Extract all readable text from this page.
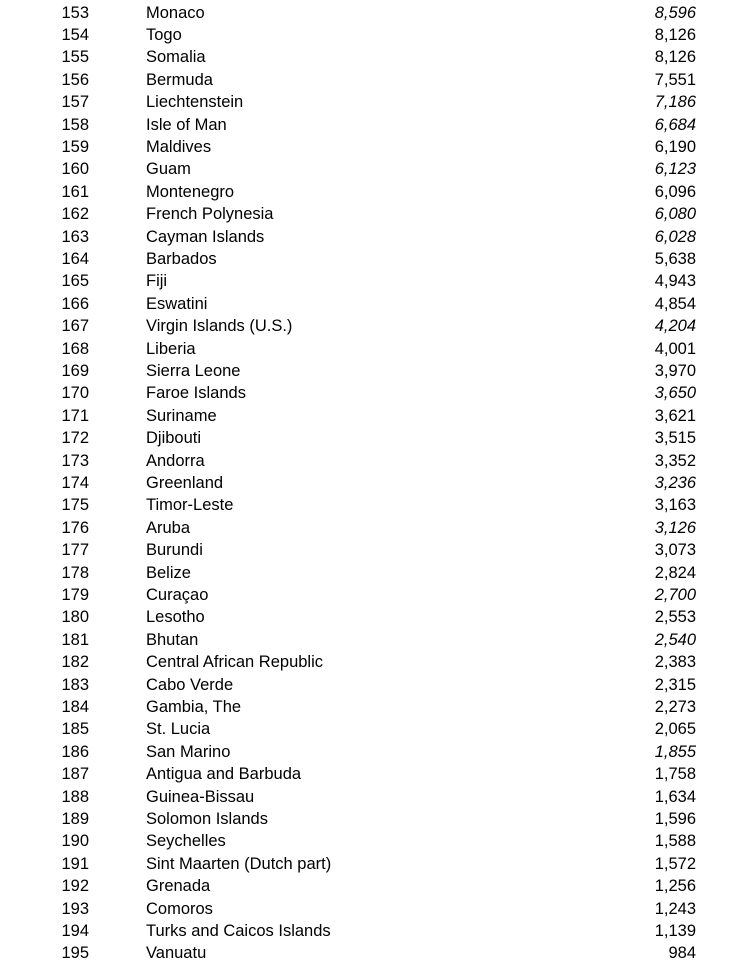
153	Monaco	8,596
154	Togo	8,126
155	Somalia	8,126
156	Bermuda	7,551
157	Liechtenstein	7,186
158	Isle of Man	6,684
159	Maldives	6,190
160	Guam	6,123
161	Montenegro	6,096
162	French Polynesia	6,080
163	Cayman Islands	6,028
164	Barbados	5,638
165	Fiji	4,943
166	Eswatini	4,854
167	Virgin Islands (U.S.)	4,204
168	Liberia	4,001
169	Sierra Leone	3,970
170	Faroe Islands	3,650
171	Suriname	3,621
172	Djibouti	3,515
173	Andorra	3,352
174	Greenland	3,236
175	Timor-Leste	3,163
176	Aruba	3,126
177	Burundi	3,073
178	Belize	2,824
179	Curaçao	2,700
180	Lesotho	2,553
181	Bhutan	2,540
182	Central African Republic	2,383
183	Cabo Verde	2,315
184	Gambia, The	2,273
185	St. Lucia	2,065
186	San Marino	1,855
187	Antigua and Barbuda	1,758
188	Guinea-Bissau	1,634
189	Solomon Islands	1,596
190	Seychelles	1,588
191	Sint Maarten (Dutch part)	1,572
192	Grenada	1,256
193	Comoros	1,243
194	Turks and Caicos Islands	1,139
195	Vanuatu	984
